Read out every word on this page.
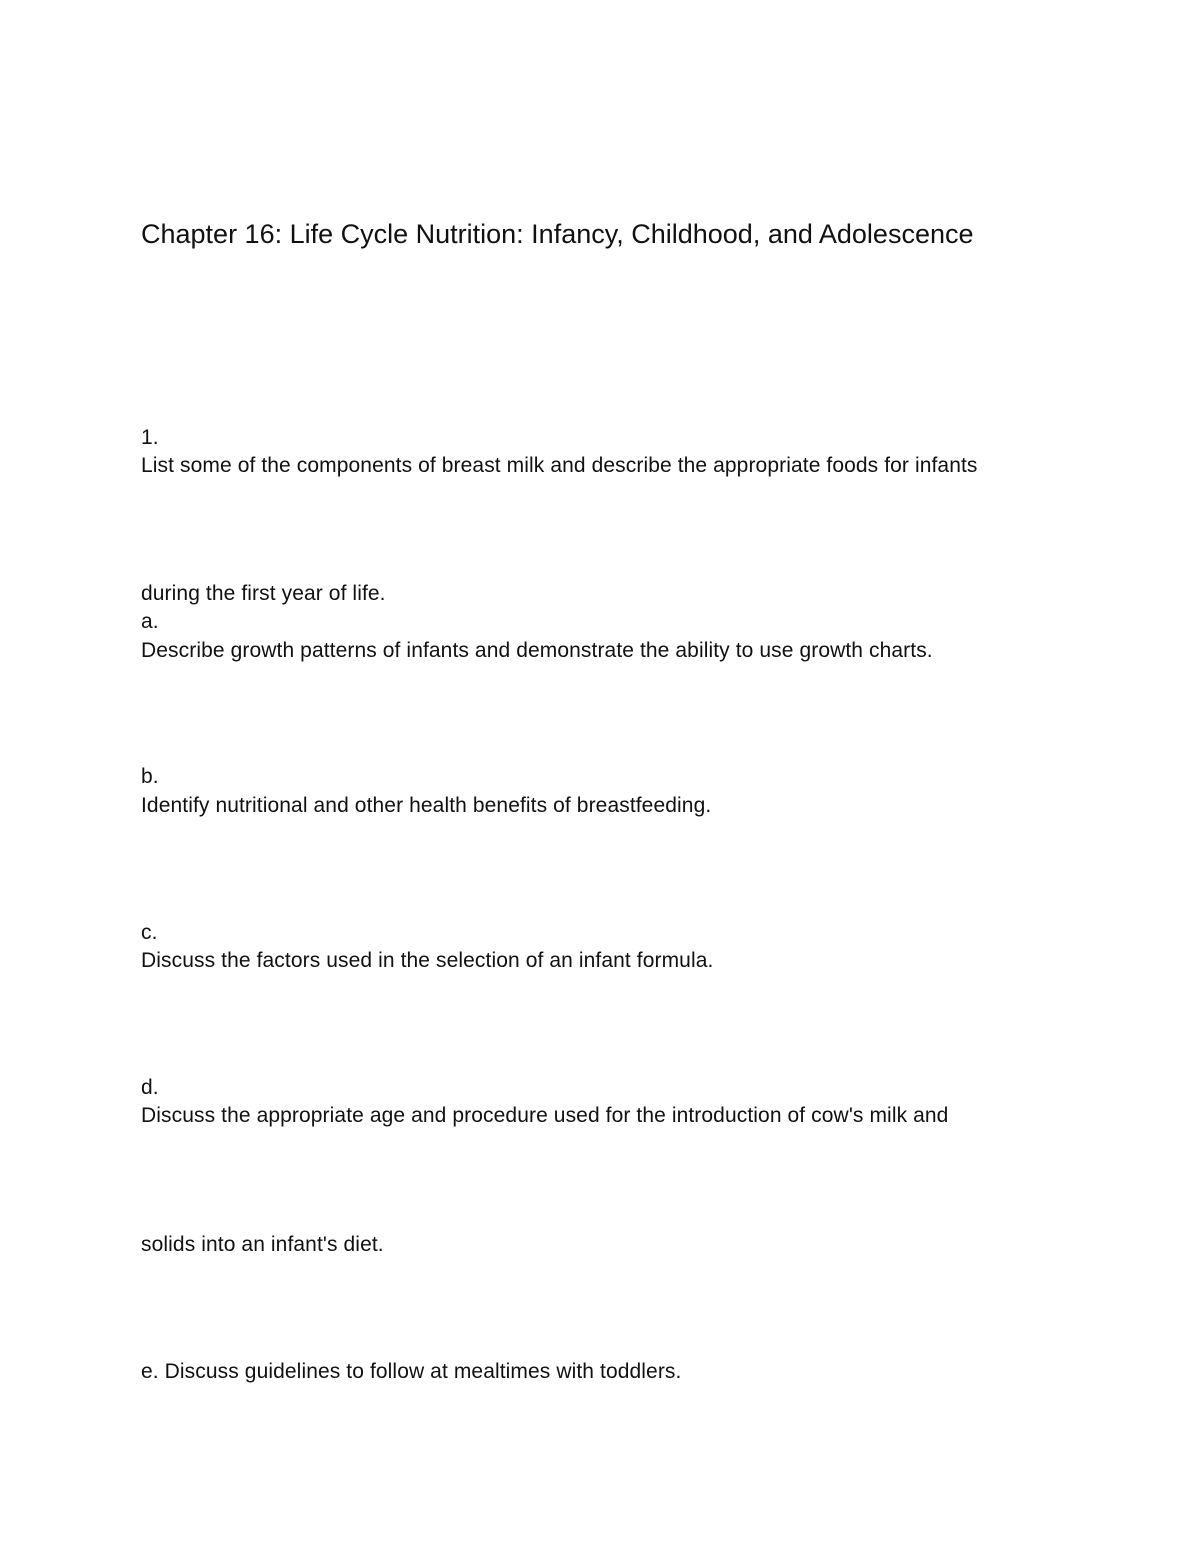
Chapter 16: Life Cycle Nutrition: Infancy, Childhood, and Adolescence
1.
List some of the components of breast milk and describe the appropriate foods for infants
during the first year of life.
a.
Describe growth patterns of infants and demonstrate the ability to use growth charts.
b.
Identify nutritional and other health benefits of breastfeeding.
c.
Discuss the factors used in the selection of an infant formula.
d.
Discuss the appropriate age and procedure used for the introduction of cow's milk and
solids into an infant's diet.
e. Discuss guidelines to follow at mealtimes with toddlers.
